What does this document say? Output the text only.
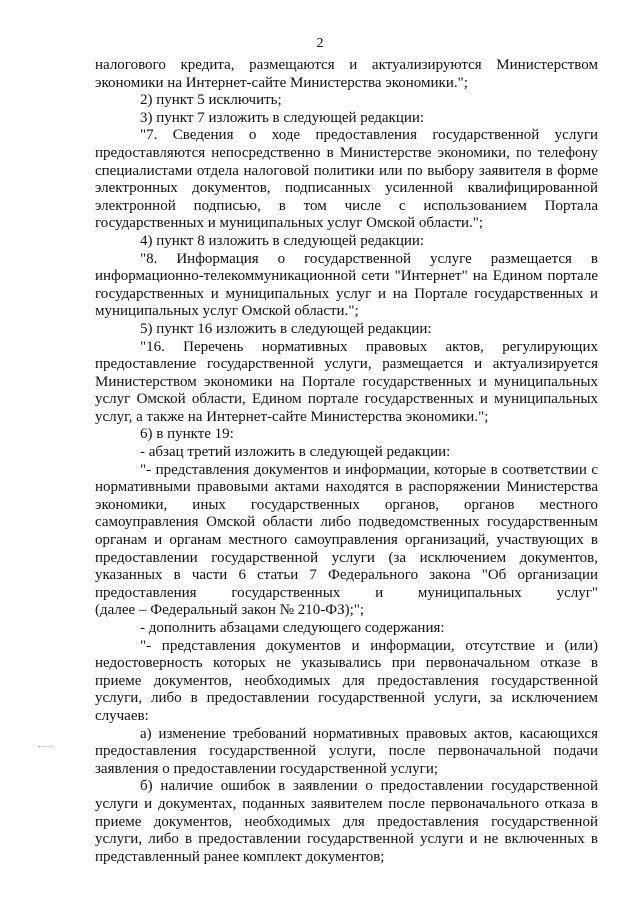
2
налогового кредита, размещаются и актуализируются Министерством
экономики на Интернет-сайте Министерства экономики.";
2) пункт 5 исключить;
3) пункт 7 изложить в следующей редакции:
"7. Сведения о ходе предоставления государственной услуги
предоставляются непосредственно в Министерстве экономики, по телефону
специалистами отдела налоговой политики или по выбору заявителя в форме
электронных документов, подписанных усиленной квалифицированной
электронной подписью, в том числе с использованием Портала
государственных и муниципальных услуг Омской области.";
4) пункт 8 изложить в следующей редакции:
"8. Информация о государственной услуге размещается в
информационно-телекоммуникационной сети "Интернет" на Едином портале
государственных и муниципальных услуг и на Портале государственных и
муниципальных услуг Омской области.";
5) пункт 16 изложить в следующей редакции:
"16. Перечень нормативных правовых актов, регулирующих
предоставление государственной услуги, размещается и актуализируется
Министерством экономики на Портале государственных и муниципальных
услуг Омской области, Едином портале государственных и муниципальных
услуг, а также на Интернет-сайте Министерства экономики.";
6) в пункте 19:
- абзац третий изложить в следующей редакции:
"- представления документов и информации, которые в соответствии с
нормативными правовыми актами находятся в распоряжении Министерства
экономики, иных государственных органов, органов местного
самоуправления Омской области либо подведомственных государственным
органам и органам местного самоуправления организаций, участвующих в
предоставлении государственной услуги (за исключением документов,
указанных в части 6 статьи 7 Федерального закона "Об организации
предоставления государственных и муниципальных услуг"
(далее – Федеральный закон № 210-ФЗ);";
- дополнить абзацами следующего содержания:
"- представления документов и информации, отсутствие и (или)
недостоверность которых не указывались при первоначальном отказе в
приеме документов, необходимых для предоставления государственной
услуги, либо в предоставлении государственной услуги, за исключением
случаев:
а) изменение требований нормативных правовых актов, касающихся
предоставления государственной услуги, после первоначальной подачи
заявления о предоставлении государственной услуги;
б) наличие ошибок в заявлении о предоставлении государственной
услуги и документах, поданных заявителем после первоначального отказа в
приеме документов, необходимых для предоставления государственной
услуги, либо в предоставлении государственной услуги и не включенных в
представленный ранее комплект документов;
